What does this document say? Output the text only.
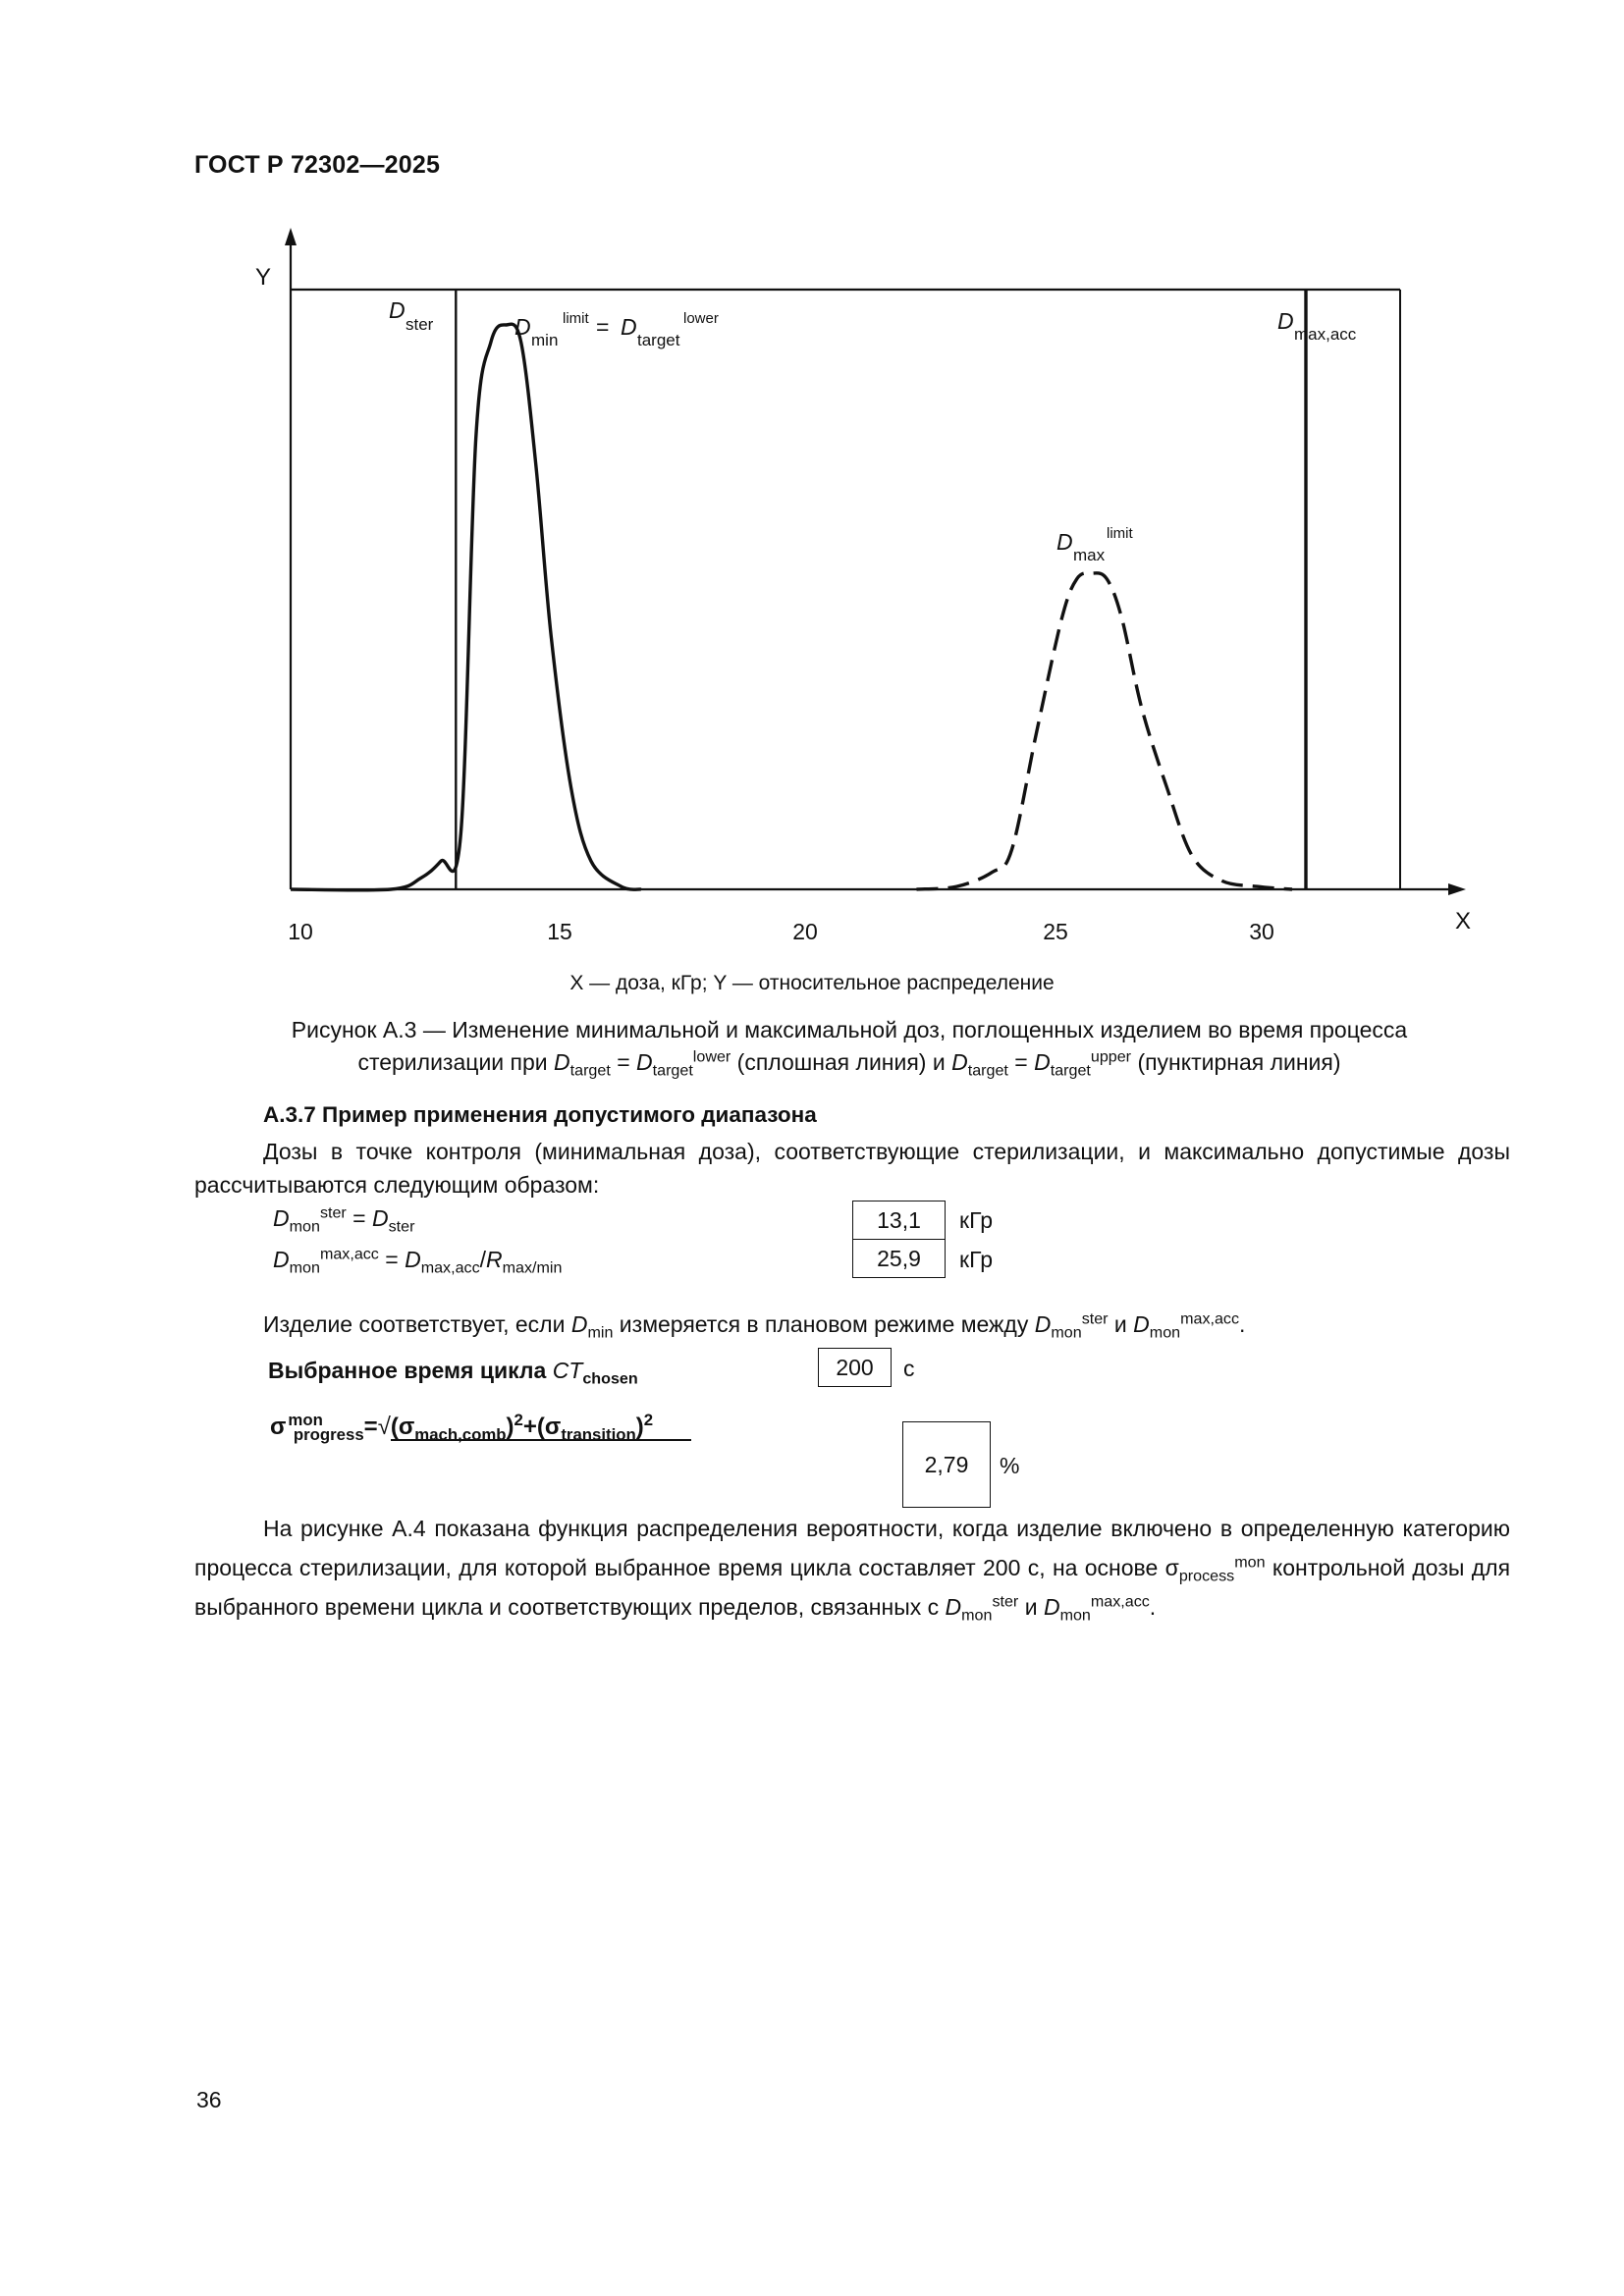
ГОСТ Р 72302—2025
Y
X
10	15	20	25	30
D
ster	D
min
limit = D
target
lower
D
max
limit
D
max,acc
X — доза, кГр; Y — относительное распределение
Рисунок А.3 — Изменение минимальной и максимальной доз, поглощенных изделием во время процесса
стерилизации при $D_{target} = D_{target}^{lower}$ (сплошная линия) и $D_{target} = D_{target}^{upper}$ (пунктирная линия)
А.3.7 Пример применения допустимого диапазона
Дозы в точке контроля (минимальная доза), соответствующие стерилизации, и максимально допустимые дозы рассчитываются следующим образом:
$D_{mon}^{ster} = D_{ster}$	13,1	кГр
$D_{mon}^{max,acc} = D_{max,acc}/R_{max/min}$	25,9	кГр
Изделие соответствует, если $D_{min}$ измеряется в плановом режиме между $D_{mon}^{ster}$ и $D_{mon}^{max,acc}$.
Выбранное время цикла $CT_{chosen}$	200	с
σ $^{mon}_{progress}=√(\sigma_{mach,comb})^2+(\sigma_{transition})^2$
2,79	%
На рисунке А.4 показана функция распределения вероятности, когда изделие включено в определенную категорию процесса стерилизации, для которой выбранное время цикла составляет 200 с, на основе $\sigma_{process}^{mon}$ контрольной дозы для выбранного времени цикла и соответствующих пределов, связанных с $D_{mon}^{ster}$ и $D_{mon}^{max,acc}$.
36
